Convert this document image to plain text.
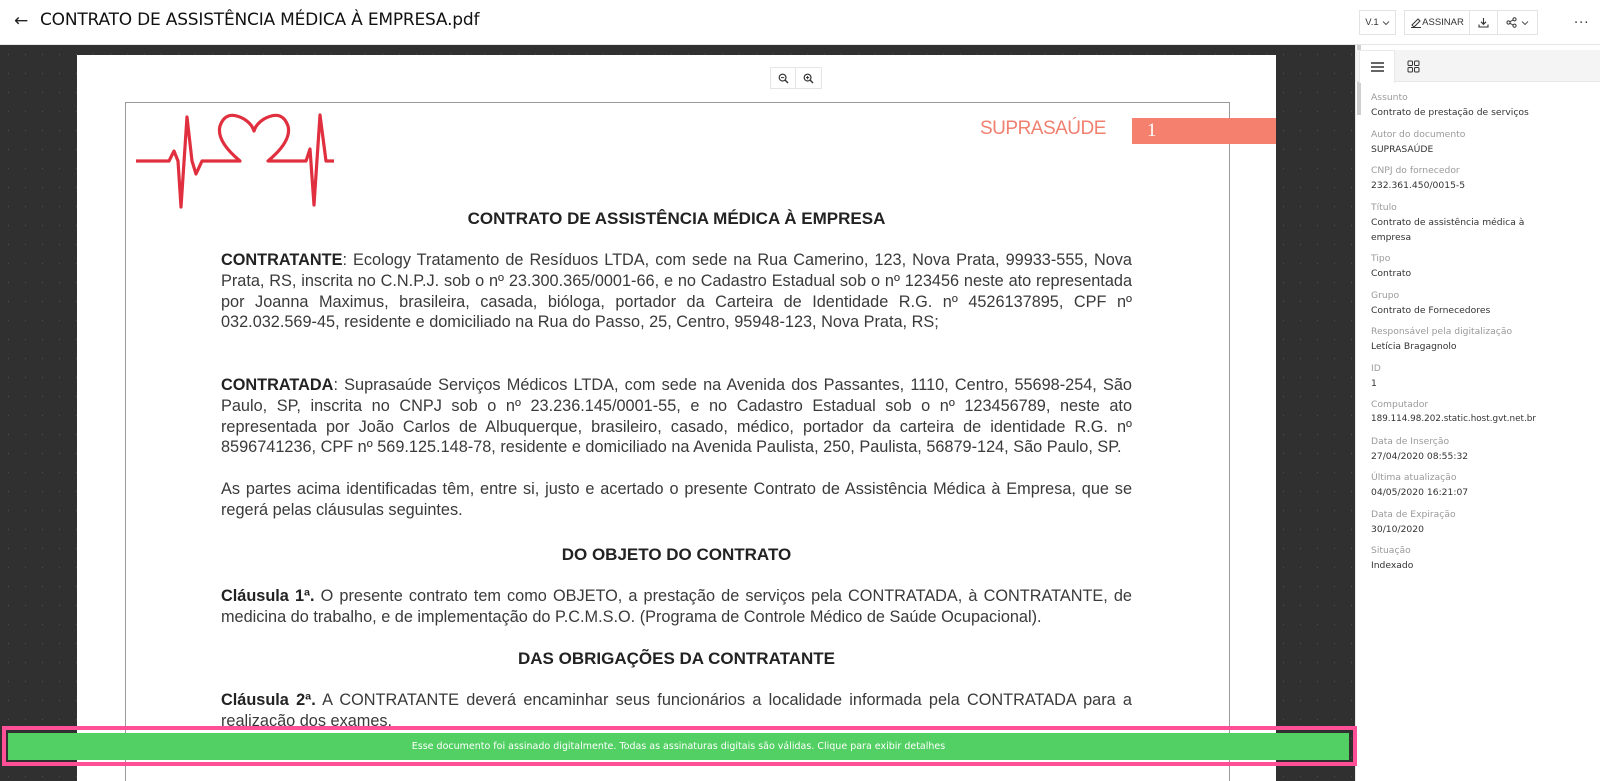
← CONTRATO DE ASSISTÊNCIA MÉDICA À EMPRESA.pdf	V.1	ASSINAR	...
SUPRASAÚDE	1
CONTRATO DE ASSISTÊNCIA MÉDICA À EMPRESA

CONTRATANTE: Ecology Tratamento de Resíduos LTDA, com sede na Rua Camerino, 123, Nova Prata, 99933-555, Nova Prata, RS, inscrita no C.N.P.J. sob o nº 23.300.365/0001-66, e no Cadastro Estadual sob o nº 123456 neste ato representada por Joanna Maximus, brasileira, casada, bióloga, portador da Carteira de Identidade R.G. nº 4526137895, CPF nº 032.032.569-45, residente e domiciliado na Rua do Passo, 25, Centro, 95948-123, Nova Prata, RS;

CONTRATADA: Suprasaúde Serviços Médicos LTDA, com sede na Avenida dos Passantes, 1110, Centro, 55698-254, São Paulo, SP, inscrita no CNPJ sob o nº 23.236.145/0001-55, e no Cadastro Estadual sob o nº 123456789, neste ato representada por João Carlos de Albuquerque, brasileiro, casado, médico, portador da carteira de identidade R.G. nº 8596741236, CPF nº 569.125.148-78, residente e domiciliado na Avenida Paulista, 250, Paulista, 56879-124, São Paulo, SP.

As partes acima identificadas têm, entre si, justo e acertado o presente Contrato de Assistência Médica à Empresa, que se regerá pelas cláusulas seguintes.

DO OBJETO DO CONTRATO

Cláusula 1ª. O presente contrato tem como OBJETO, a prestação de serviços pela CONTRATADA, à CONTRATANTE, de medicina do trabalho, e de implementação do P.C.M.S.O. (Programa de Controle Médico de Saúde Ocupacional).

DAS OBRIGAÇÕES DA CONTRATANTE

Cláusula 2ª. A CONTRATANTE deverá encaminhar seus funcionários a localidade informada pela CONTRATADA para a realização dos exames.

Assunto
Contrato de prestação de serviços
Autor do documento
SUPRASAÚDE
CNPJ do fornecedor
232.361.450/0015-5
Título
Contrato de assistência médica à empresa
Tipo
Contrato
Grupo
Contrato de Fornecedores
Responsável pela digitalização
Letícia Bragagnolo
ID
1
Computador
189.114.98.202.static.host.gvt.net.br
Data de Inserção
27/04/2020 08:55:32
Última atualização
04/05/2020 16:21:07
Data de Expiração
30/10/2020
Situação
Indexado
Esse documento foi assinado digitalmente. Todas as assinaturas digitais são válidas. Clique para exibir detalhes
